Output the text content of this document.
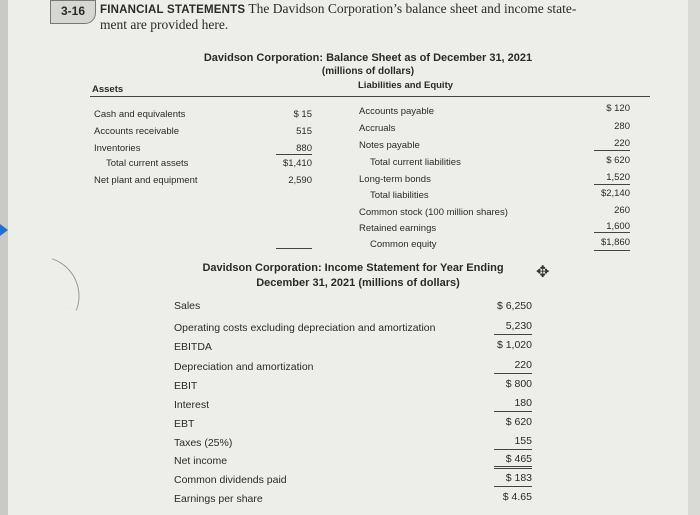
3-16	FINANCIAL STATEMENTS The Davidson Corporation’s balance sheet and income state-
ment are provided here.
Davidson Corporation: Balance Sheet as of December 31, 2021
(millions of dollars)
Assets	Liabilities and Equity
Cash and equivalents	$ 15
Accounts receivable	515
Inventories	880
Total current assets	$1,410
Net plant and equipment	2,590
Accounts payable	$ 120
Accruals	280
Notes payable	220
Total current liabilities	$ 620
Long-term bonds	1,520
Total liabilities	$2,140
Common stock (100 million shares)	260
Retained earnings	1,600
Common equity	$1,860
Davidson Corporation: Income Statement for Year Ending
December 31, 2021 (millions of dollars)
✥
Sales	$ 6,250
Operating costs excluding depreciation and amortization	5,230
EBITDA	$ 1,020
Depreciation and amortization	220
EBIT	$ 800
Interest	180
EBT	$ 620
Taxes (25%)	155
Net income	$ 465
Common dividends paid	$ 183
Earnings per share	$ 4.65
